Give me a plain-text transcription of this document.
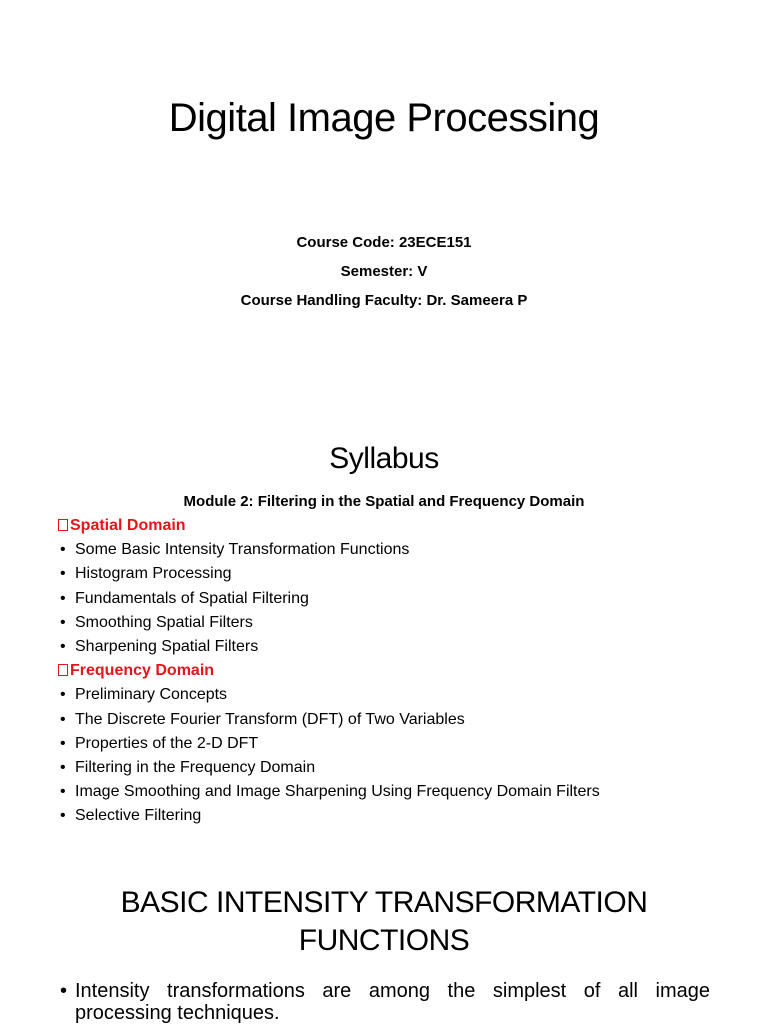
Digital Image Processing
Course Code: 23ECE151
Semester: V
Course Handling Faculty: Dr. Sameera P
Syllabus
Module 2: Filtering in the Spatial and Frequency Domain
Spatial Domain
• Some Basic Intensity Transformation Functions
• Histogram Processing
• Fundamentals of Spatial Filtering
• Smoothing Spatial Filters
• Sharpening Spatial Filters
Frequency Domain
• Preliminary Concepts
• The Discrete Fourier Transform (DFT) of Two Variables
• Properties of the 2-D DFT
• Filtering in the Frequency Domain
• Image Smoothing and Image Sharpening Using Frequency Domain Filters
• Selective Filtering
BASIC INTENSITY TRANSFORMATION
FUNCTIONS
• Intensity transformations are among the simplest of all image processing techniques.
